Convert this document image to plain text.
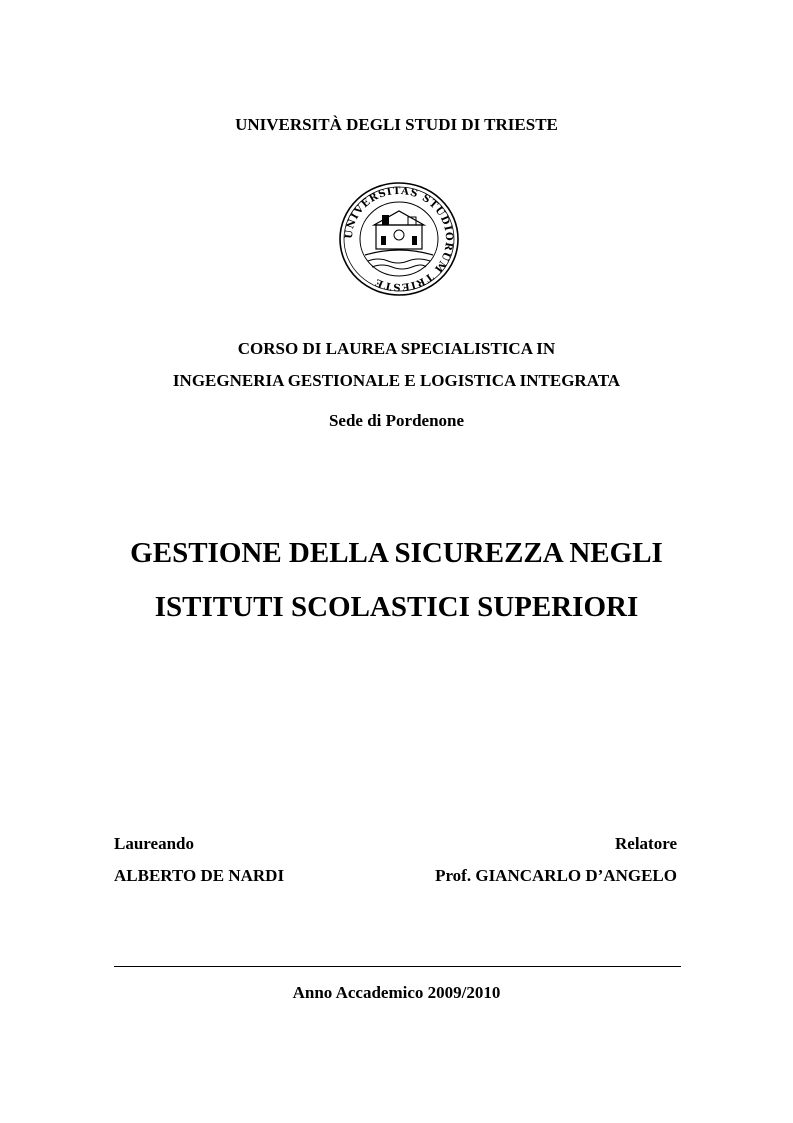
UNIVERSITÀ DEGLI STUDI DI TRIESTE
UNIVERSITAS STUDIORUM TRIESTE
CORSO DI LAUREA SPECIALISTICA IN
INGEGNERIA GESTIONALE E LOGISTICA INTEGRATA
Sede di Pordenone
GESTIONE DELLA SICUREZZA NEGLI
ISTITUTI SCOLASTICI SUPERIORI
Laureando	Relatore
ALBERTO DE NARDI	Prof. GIANCARLO D’ANGELO
Anno Accademico 2009/2010
